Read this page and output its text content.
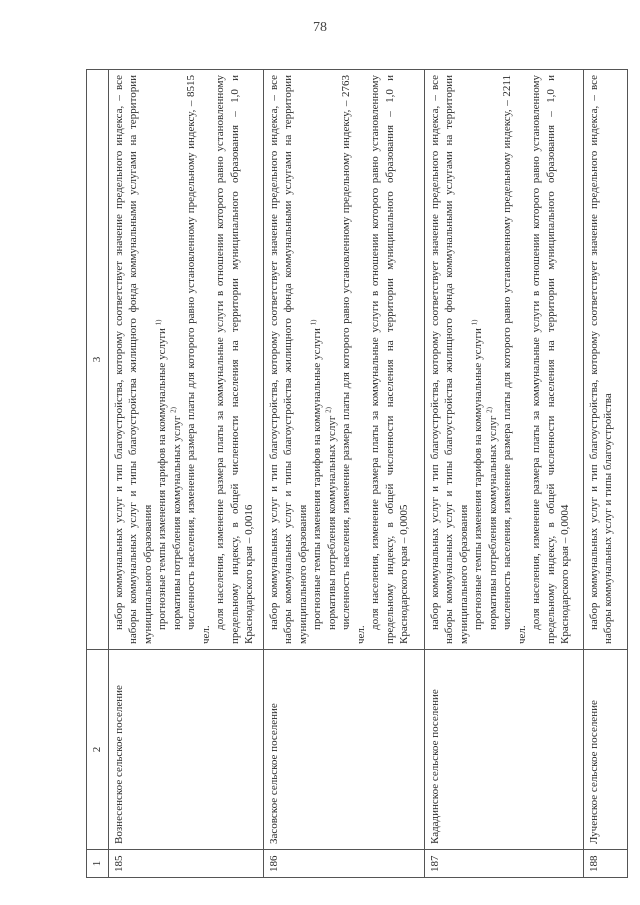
78
1	2	3
185	Вознесенское сельское поселение	набор коммунальных услуг и тип благоустройства, которому соответствует значение предельного индекса, – все наборы коммунальных услуг и типы благоустройства жилищного фонда коммунальными услугами на территории муниципального образования прогнозные темпы изменения тарифов на коммунальные услуги $^{1)}$

нормативы потребления коммунальных услуг $^{2)}$ численность населения, изменение размера платы для которого равно установленному предельному индексу, – 8515 чел.

доля населения, изменение размера платы за коммунальные услуги в отношении которого равно установленному предельному индексу, в общей численности населения на территории муниципального образования – 1,0 и Краснодарского края – 0,0016

186	Засовское сельское поселение	набор коммунальных услуг и тип благоустройства, которому соответствует значение предельного индекса, – все наборы коммунальных услуг и типы благоустройства жилищного фонда коммунальными услугами на территории муниципального образования прогнозные темпы изменения тарифов на коммунальные услуги $^{1)}$

нормативы потребления коммунальных услуг $^{2)}$ численность населения, изменение размера платы для которого равно установленному предельному индексу, – 2763 чел.

доля населения, изменение размера платы за коммунальные услуги в отношении которого равно установленному предельному индексу, в общей численности населения на территории муниципального образования – 1,0 и Краснодарского края – 0,0005

187	Кададинское сельское поселение	набор коммунальных услуг и тип благоустройства, которому соответствует значение предельного индекса, – все наборы коммунальных услуг и типы благоустройства жилищного фонда коммунальными услугами на территории муниципального образования прогнозные темпы изменения тарифов на коммунальные услуги $^{1)}$

нормативы потребления коммунальных услуг $^{2)}$ численность населения, изменение размера платы для которого равно установленному предельному индексу, – 2211 чел.

доля населения, изменение размера платы за коммунальные услуги в отношении которого равно установленному предельному индексу, в общей численности населения на территории муниципального образования – 1,0 и Краснодарского края – 0,0004

188	Лученское сельское поселение	набор коммунальных услуг и тип благоустройства, которому соответствует значение предельного индекса, – все наборы коммунальных услуг и типы благоустройства
